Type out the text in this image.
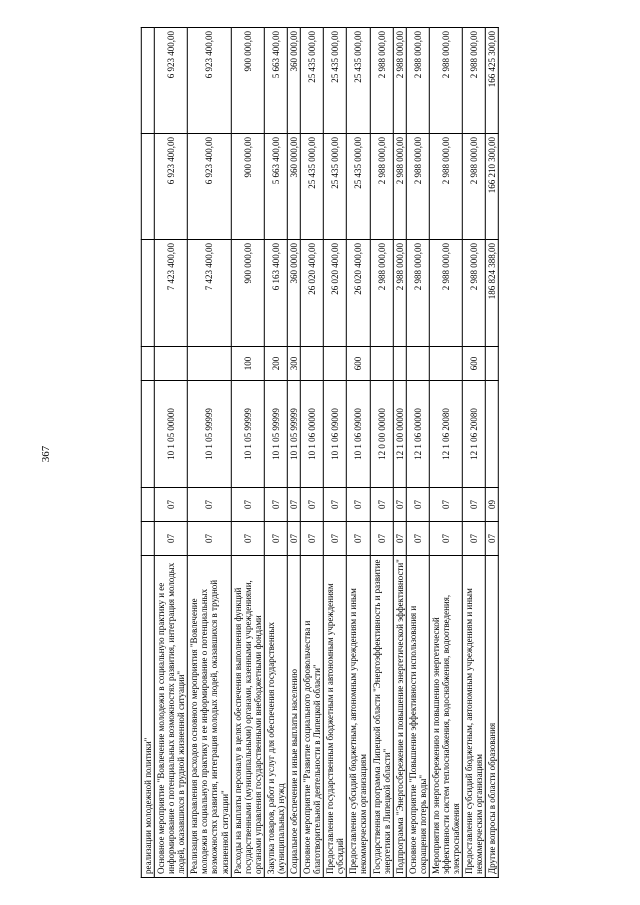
367
реализации молодежной политики"							
Основное мероприятие "Вовлечение молодежи в социальную практику и ее информирование о потенциальных возможностях развития, интеграция молодых людей, оказавшихся в трудной жизненной ситуации"	07	07	10 1 05 00000		7 423 400,00	6 923 400,00	6 923 400,00
Реализация направления расходов основного мероприятия "Вовлечение молодежи в социальную практику и ее информирование о потенциальных возможностях развития, интеграция молодых людей, оказавшихся в трудной жизненной ситуации"	07	07	10 1 05 99999		7 423 400,00	6 923 400,00	6 923 400,00
Расходы на выплаты персоналу в целях обеспечения выполнения функций государственными (муниципальными) органами, казенными учреждениями, органами управления государственными внебюджетными фондами	07	07	10 1 05 99999	100	900 000,00	900 000,00	900 000,00
Закупка товаров, работ и услуг для обеспечения государственных (муниципальных) нужд	07	07	10 1 05 99999	200	6 163 400,00	5 663 400,00	5 663 400,00
Социальное обеспечение и иные выплаты населению	07	07	10 1 05 99999	300	360 000,00	360 000,00	360 000,00
Основное мероприятие "Развитие социального добровольчества и благотворительной деятельности в Липецкой области"	07	07	10 1 06 00000		26 020 400,00	25 435 000,00	25 435 000,00
Предоставление государственным бюджетным и автономным учреждениям субсидий	07	07	10 1 06 09000		26 020 400,00	25 435 000,00	25 435 000,00
Предоставление субсидий бюджетным, автономным учреждениям и иным некоммерческим организациям	07	07	10 1 06 09000	600	26 020 400,00	25 435 000,00	25 435 000,00
Государственная программа Липецкой области "Энергоэффективность и развитие энергетики в Липецкой области"	07	07	12 0 00 00000		2 988 000,00	2 988 000,00	2 988 000,00
Подпрограмма "Энергосбережение и повышение энергетической эффективности"	07	07	12 1 00 00000		2 988 000,00	2 988 000,00	2 988 000,00
Основное мероприятие "Повышение эффективности использования и сокращения потерь воды"	07	07	12 1 06 00000		2 988 000,00	2 988 000,00	2 988 000,00
Мероприятия по энергосбережению и повышению энергетической эффективности систем теплоснабжения, водоснабжения, водоотведения, электроснабжения	07	07	12 1 06 20080		2 988 000,00	2 988 000,00	2 988 000,00
Предоставление субсидий бюджетным, автономным учреждениям и иным некоммерческим организациям	07	07	12 1 06 20080	600	2 988 000,00	2 988 000,00	2 988 000,00
Другие вопросы в области образования	07	09			186 824 388,00	166 210 300,00	166 425 300,00
